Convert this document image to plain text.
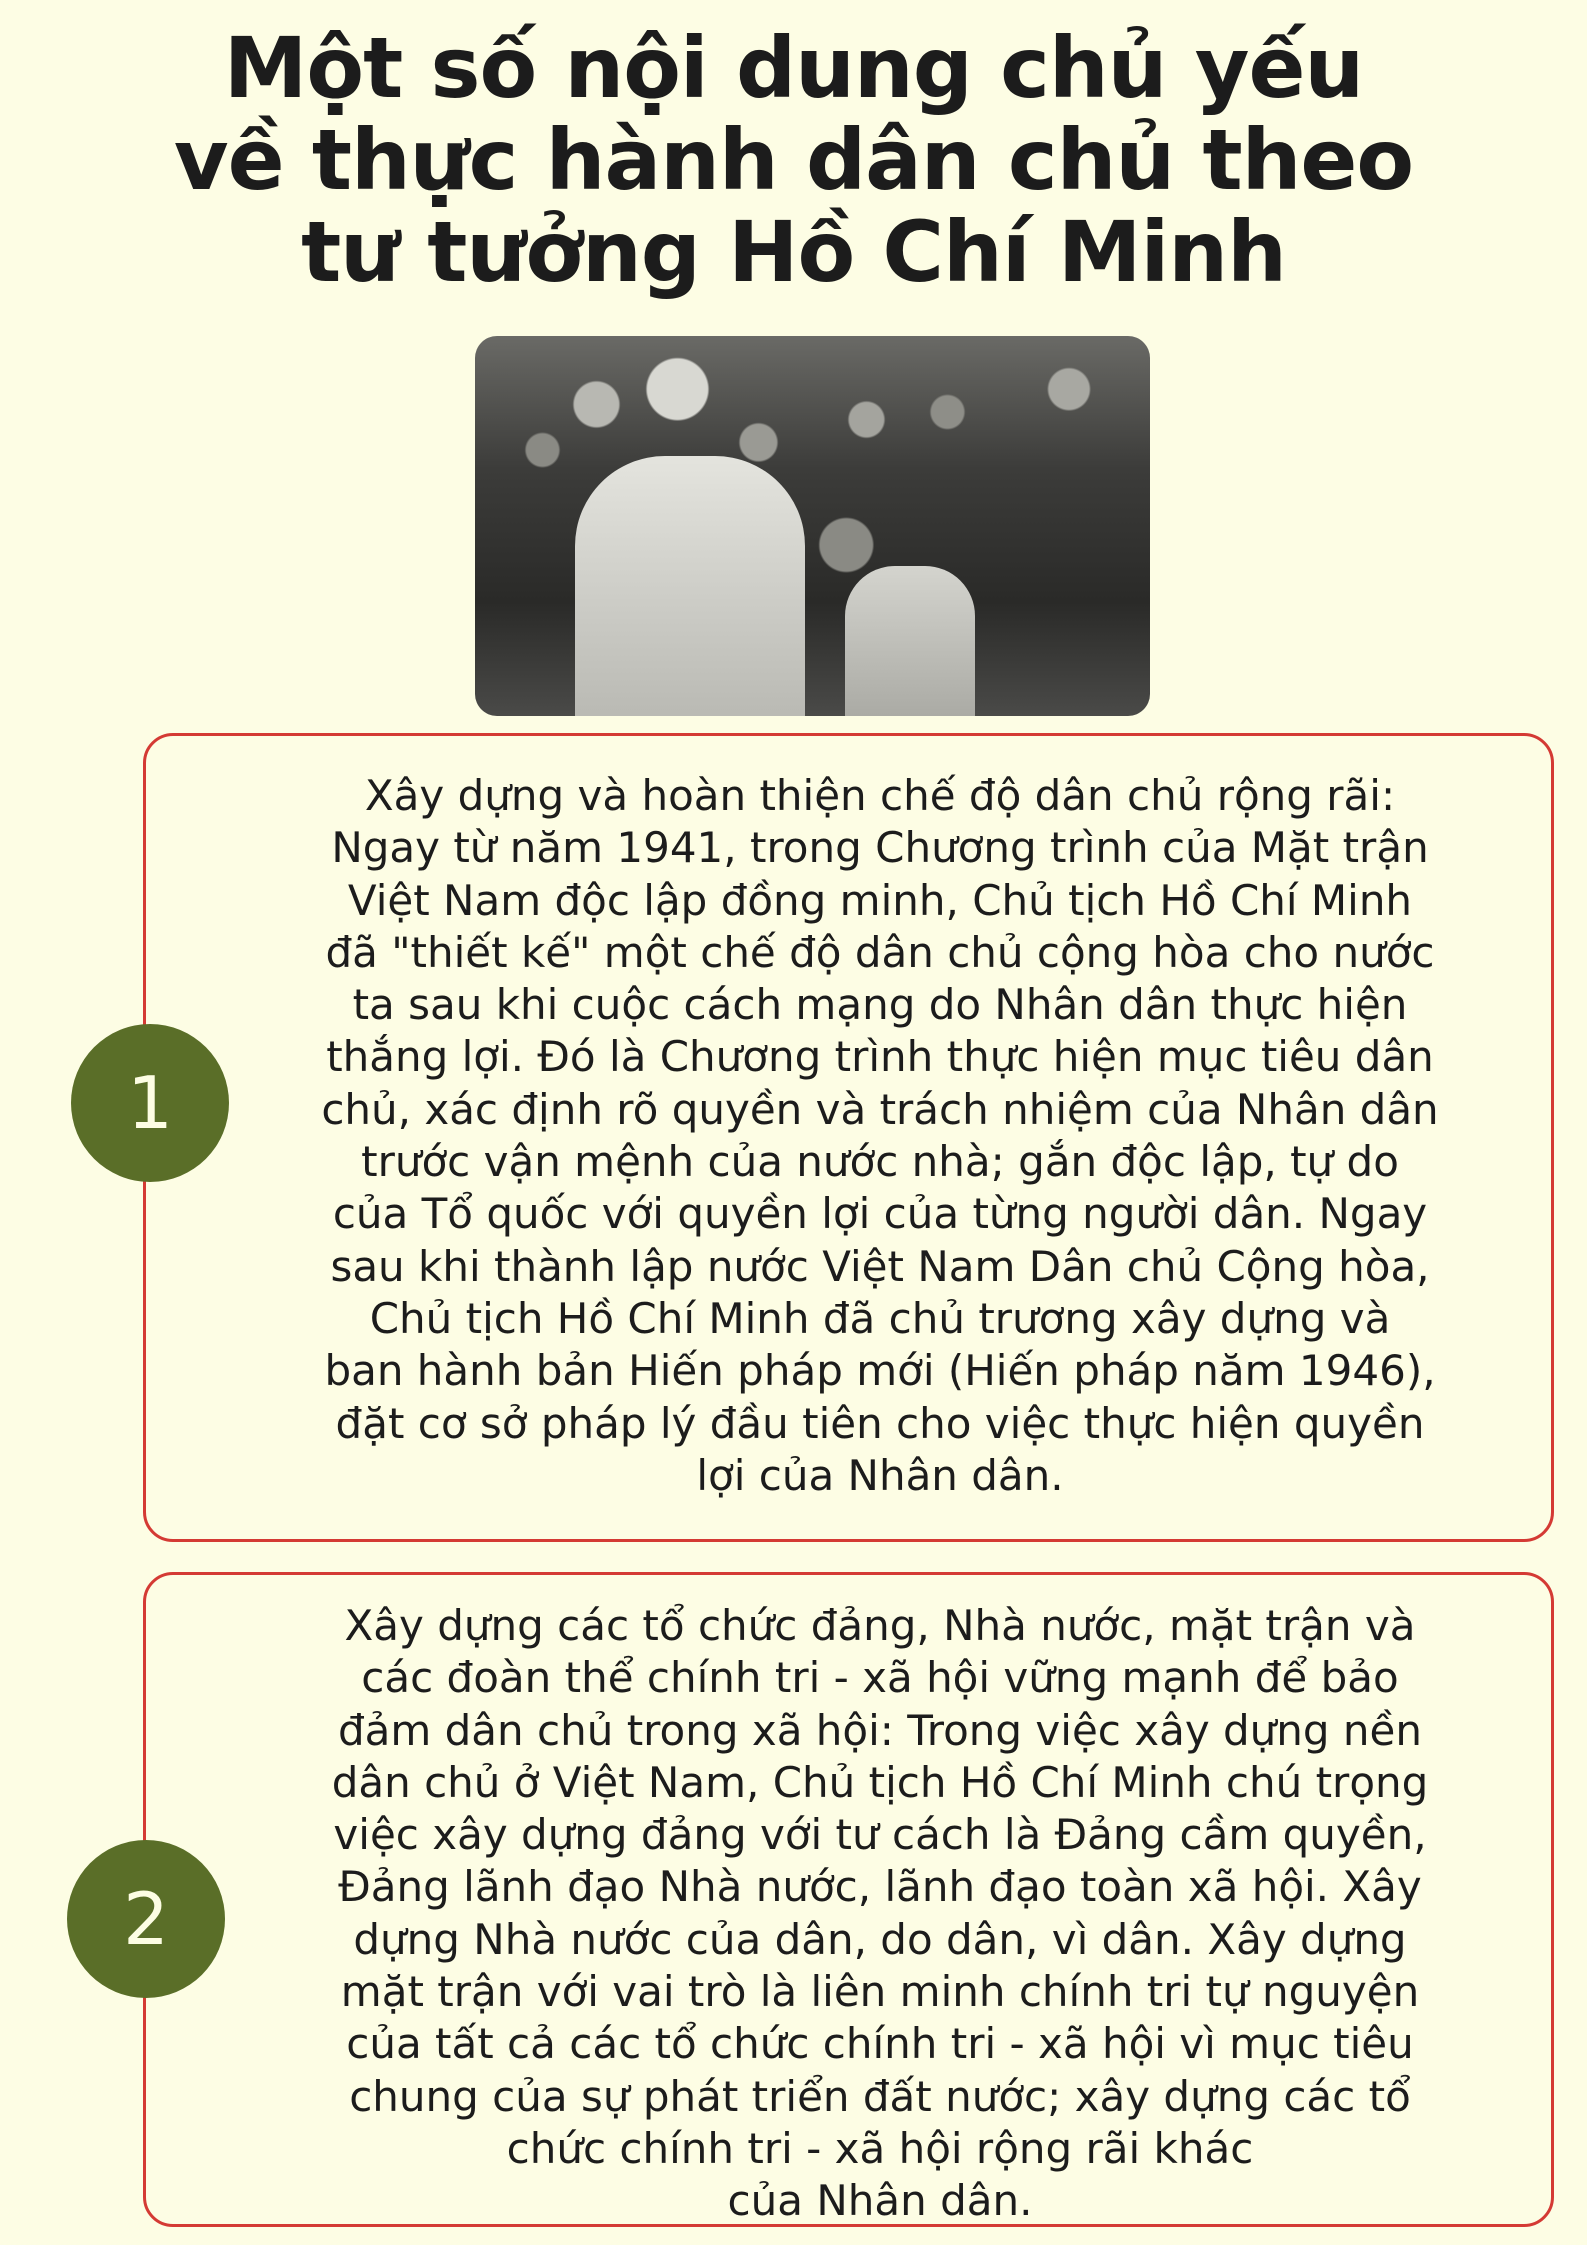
Một số nội dung chủ yếu
về thực hành dân chủ theo
tư tưởng Hồ Chí Minh
1
Xây dựng và hoàn thiện chế độ dân chủ rộng rãi:
Ngay từ năm 1941, trong Chương trình của Mặt trận
Việt Nam độc lập đồng minh, Chủ tịch Hồ Chí Minh
đã "thiết kế" một chế độ dân chủ cộng hòa cho nước
ta sau khi cuộc cách mạng do Nhân dân thực hiện
thắng lợi. Đó là Chương trình thực hiện mục tiêu dân
chủ, xác định rõ quyền và trách nhiệm của Nhân dân
trước vận mệnh của nước nhà; gắn độc lập, tự do
của Tổ quốc với quyền lợi của từng người dân. Ngay
sau khi thành lập nước Việt Nam Dân chủ Cộng hòa,
Chủ tịch Hồ Chí Minh đã chủ trương xây dựng và
ban hành bản Hiến pháp mới (Hiến pháp năm 1946),
đặt cơ sở pháp lý đầu tiên cho việc thực hiện quyền
lợi của Nhân dân.
2
Xây dựng các tổ chức đảng, Nhà nước, mặt trận và
các đoàn thể chính tri - xã hội vững mạnh để bảo
đảm dân chủ trong xã hội: Trong việc xây dựng nền
dân chủ ở Việt Nam, Chủ tịch Hồ Chí Minh chú trọng
việc xây dựng đảng với tư cách là Đảng cầm quyền,
Đảng lãnh đạo Nhà nước, lãnh đạo toàn xã hội. Xây
dựng Nhà nước của dân, do dân, vì dân. Xây dựng
mặt trận với vai trò là liên minh chính tri tự nguyện
của tất cả các tổ chức chính tri - xã hội vì mục tiêu
chung của sự phát triển đất nước; xây dựng các tổ
chức chính tri - xã hội rộng rãi khác
của Nhân dân.
